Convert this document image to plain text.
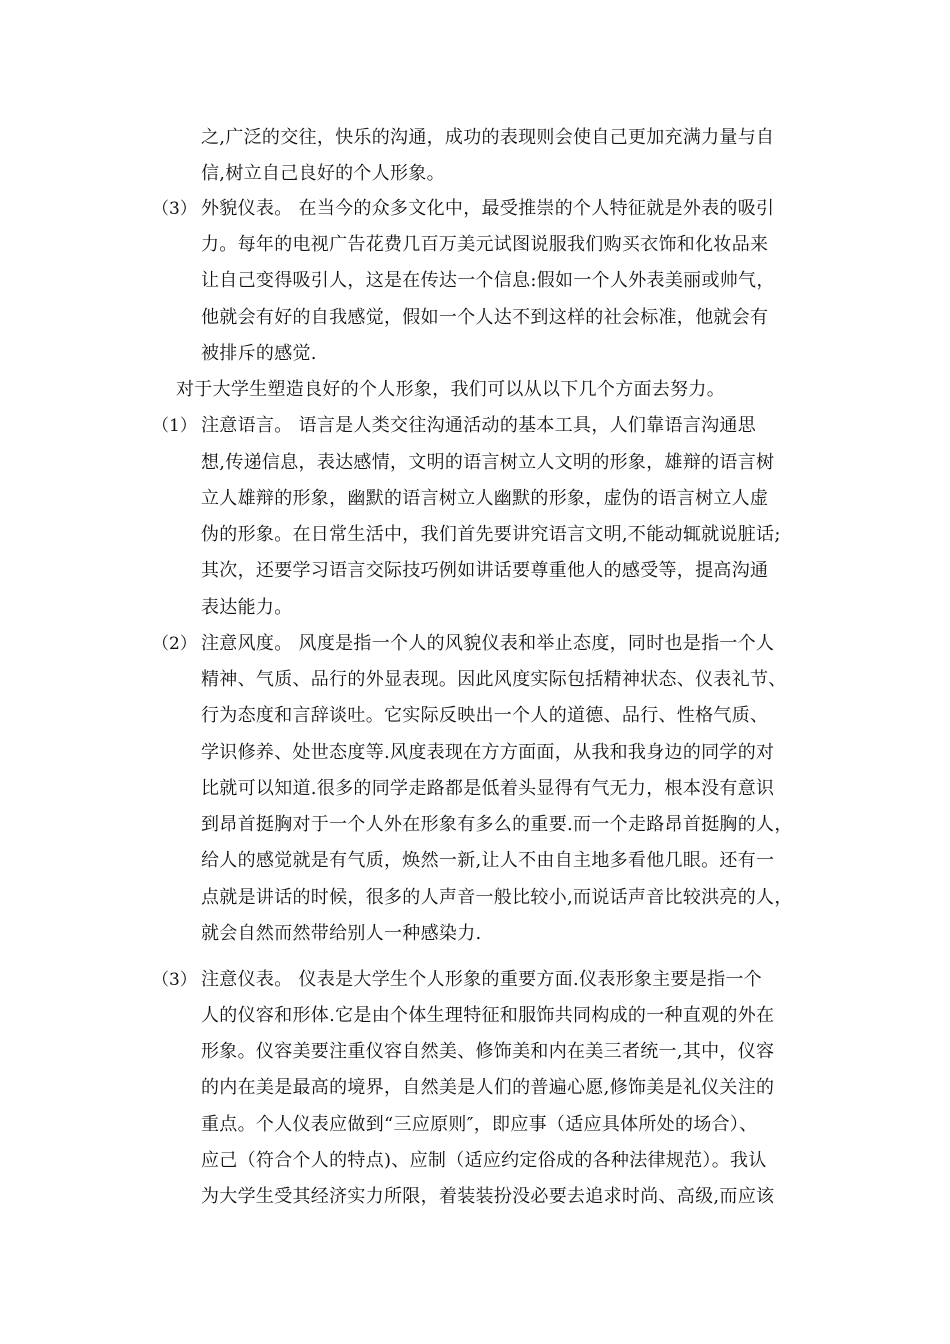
之,广泛的交往，快乐的沟通，成功的表现则会使自己更加充满力量与自
信,树立自己良好的个人形象。
（3） 外貌仪表。 在当今的众多文化中，最受推崇的个人特征就是外表的吸引
力。每年的电视广告花费几百万美元试图说服我们购买衣饰和化妆品来
让自己变得吸引人，这是在传达一个信息:假如一个人外表美丽或帅气，
他就会有好的自我感觉，假如一个人达不到这样的社会标准，他就会有
被排斥的感觉.
对于大学生塑造良好的个人形象，我们可以从以下几个方面去努力。
（1） 注意语言。 语言是人类交往沟通活动的基本工具，人们靠语言沟通思
想,传递信息，表达感情，文明的语言树立人文明的形象，雄辩的语言树
立人雄辩的形象，幽默的语言树立人幽默的形象，虚伪的语言树立人虚
伪的形象。在日常生活中，我们首先要讲究语言文明,不能动辄就说脏话;
其次，还要学习语言交际技巧例如讲话要尊重他人的感受等，提高沟通
表达能力。
（2） 注意风度。 风度是指一个人的风貌仪表和举止态度，同时也是指一个人
精神、气质、品行的外显表现。因此风度实际包括精神状态、仪表礼节、
行为态度和言辞谈吐。它实际反映出一个人的道德、品行、性格气质、
学识修养、处世态度等.风度表现在方方面面，从我和我身边的同学的对
比就可以知道.很多的同学走路都是低着头显得有气无力，根本没有意识
到昂首挺胸对于一个人外在形象有多么的重要.而一个走路昂首挺胸的人，
给人的感觉就是有气质，焕然一新,让人不由自主地多看他几眼。还有一
点就是讲话的时候，很多的人声音一般比较小,而说话声音比较洪亮的人，
就会自然而然带给别人一种感染力.
（3） 注意仪表。 仪表是大学生个人形象的重要方面.仪表形象主要是指一个
人的仪容和形体.它是由个体生理特征和服饰共同构成的一种直观的外在
形象。仪容美要注重仪容自然美、修饰美和内在美三者统一,其中，仪容
的内在美是最高的境界，自然美是人们的普遍心愿,修饰美是礼仪关注的
重点。个人仪表应做到“三应原则″，即应事（适应具体所处的场合）、
应己（符合个人的特点)、应制（适应约定俗成的各种法律规范）。我认
为大学生受其经济实力所限，着装装扮没必要去追求时尚、高级,而应该
